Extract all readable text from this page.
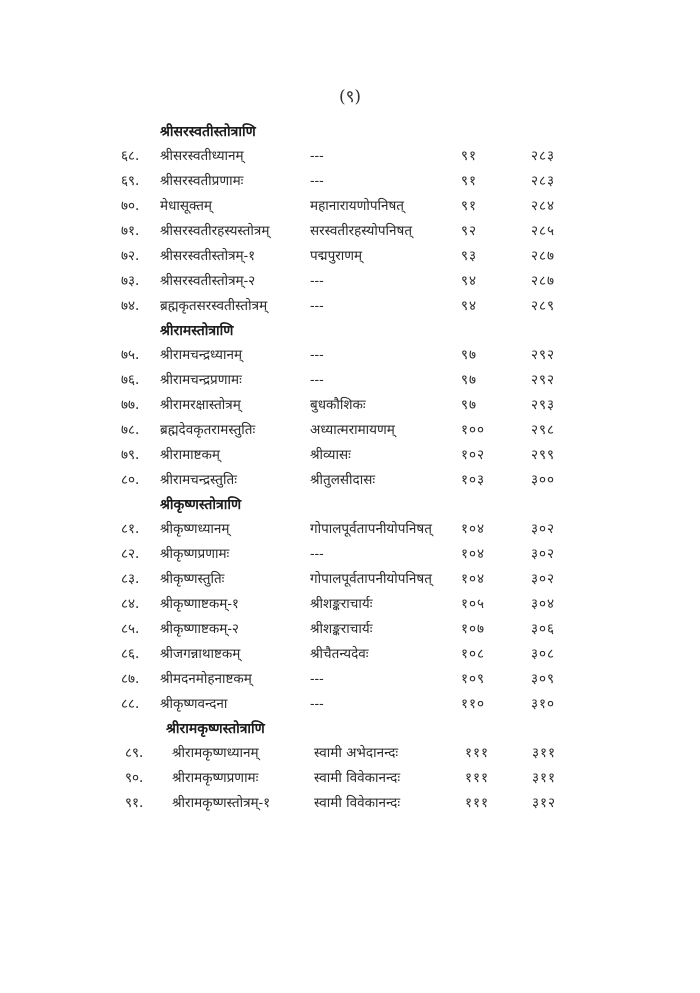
(९)
श्रीसरस्वतीस्तोत्राणि
६८. श्रीसरस्वतीध्यानम्	---	९१	२८३
६९. श्रीसरस्वतीप्रणामः	---	९१	२८३
७०. मेधासूक्तम्	महानारायणोपनिषत्	९१	२८४
७१. श्रीसरस्वतीरहस्यस्तोत्रम्	सरस्वतीरहस्योपनिषत्	९२	२८५
७२. श्रीसरस्वतीस्तोत्रम्-१	पद्मपुराणम्	९३	२८७
७३. श्रीसरस्वतीस्तोत्रम्-२	---	९४	२८७
७४. ब्रह्मकृतसरस्वतीस्तोत्रम्	---	९४	२८९
श्रीरामस्तोत्राणि
७५. श्रीरामचन्द्रध्यानम्	---	९७	२९२
७६. श्रीरामचन्द्रप्रणामः	---	९७	२९२
७७. श्रीरामरक्षास्तोत्रम्	बुधकौशिकः	९७	२९३
७८. ब्रह्मदेवकृतरामस्तुतिः	अध्यात्मरामायणम्	१००	२९८
७९. श्रीरामाष्टकम्	श्रीव्यासः	१०२	२९९
८०. श्रीरामचन्द्रस्तुतिः	श्रीतुलसीदासः	१०३	३००
श्रीकृष्णस्तोत्राणि
८१. श्रीकृष्णध्यानम्	गोपालपूर्वतापनीयोपनिषत् १०४	३०२
८२. श्रीकृष्णप्रणामः	---	१०४	३०२
८३. श्रीकृष्णस्तुतिः	गोपालपूर्वतापनीयोपनिषत् १०४	३०२
८४. श्रीकृष्णाष्टकम्-१	श्रीशङ्कराचार्यः	१०५	३०४
८५. श्रीकृष्णाष्टकम्-२	श्रीशङ्कराचार्यः	१०७	३०६
८६. श्रीजगन्नाथाष्टकम्	श्रीचैतन्यदेवः	१०८	३०८
८७. श्रीमदनमोहनाष्टकम्	---	१०९	३०९
८८. श्रीकृष्णवन्दना	---	११०	३१०
श्रीरामकृष्णस्तोत्राणि
८९. श्रीरामकृष्णध्यानम्	स्वामी अभेदानन्दः	१११	३११
९०. श्रीरामकृष्णप्रणामः	स्वामी विवेकानन्दः	१११	३११
९१. श्रीरामकृष्णस्तोत्रम्-१	स्वामी विवेकानन्दः	१११	३१२
